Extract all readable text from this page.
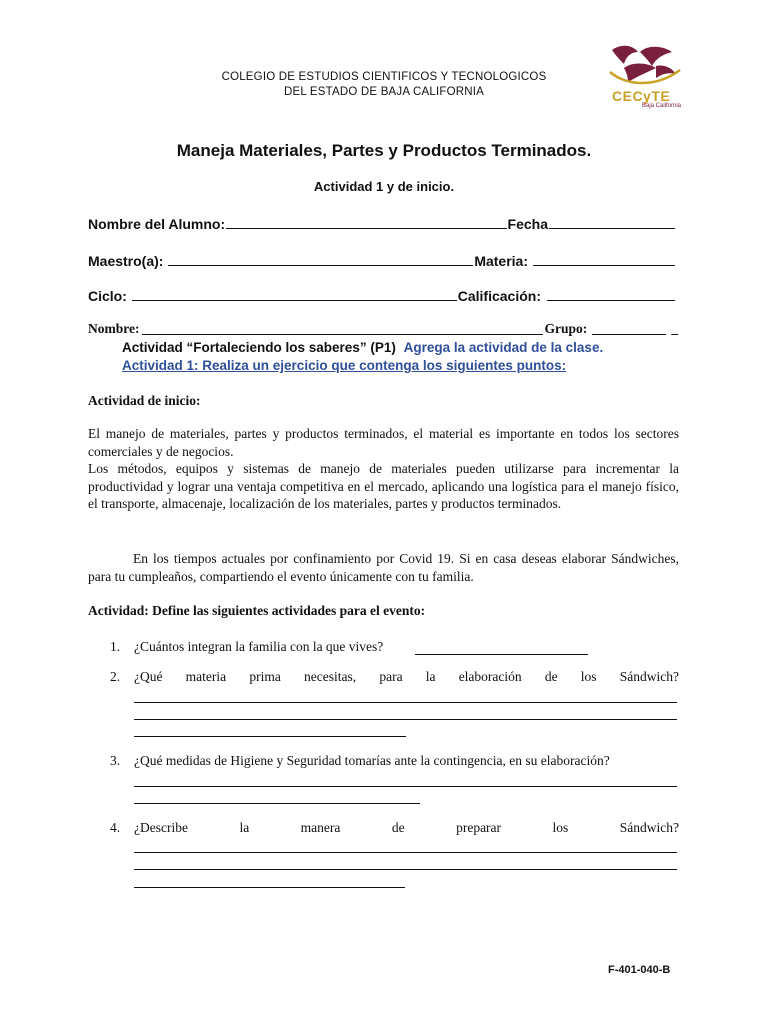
COLEGIO DE ESTUDIOS CIENTIFICOS Y TECNOLOGICOS
DEL ESTADO DE BAJA CALIFORNIA	CECyTE
Baja California
Maneja Materiales, Partes y Productos Terminados.
Actividad 1 y de inicio.
Nombre del Alumno:	Fecha
Maestro(a):	Materia:
Ciclo:	Calificación:
Nombre:	Grupo:	_
Actividad “Fortaleciendo los saberes” (P1) Agrega la actividad de la clase.
Actividad 1: Realiza un ejercicio que contenga los siguientes puntos:
Actividad de inicio:
El manejo de materiales, partes y productos terminados, el material es importante en todos los sectores comerciales y de negocios.
Los métodos, equipos y sistemas de manejo de materiales pueden utilizarse para incrementar la productividad y lograr una ventaja competitiva en el mercado, aplicando una logística para el manejo físico, el transporte, almacenaje, localización de los materiales, partes y productos terminados.
En los tiempos actuales por confinamiento por Covid 19. Si en casa deseas elaborar Sándwiches, para tu cumpleaños, compartiendo el evento únicamente con tu familia.
Actividad: Define las siguientes actividades para el evento:
1. ¿Cuántos integran la familia con la que vives?
2. ¿Qué materia prima necesitas, para la elaboración de los Sándwich?
3. ¿Qué medidas de Higiene y Seguridad tomarías ante la contingencia, en su elaboración?
4. ¿Describe	la	manera	de	preparar	los	Sándwich?
F-401-040-B
